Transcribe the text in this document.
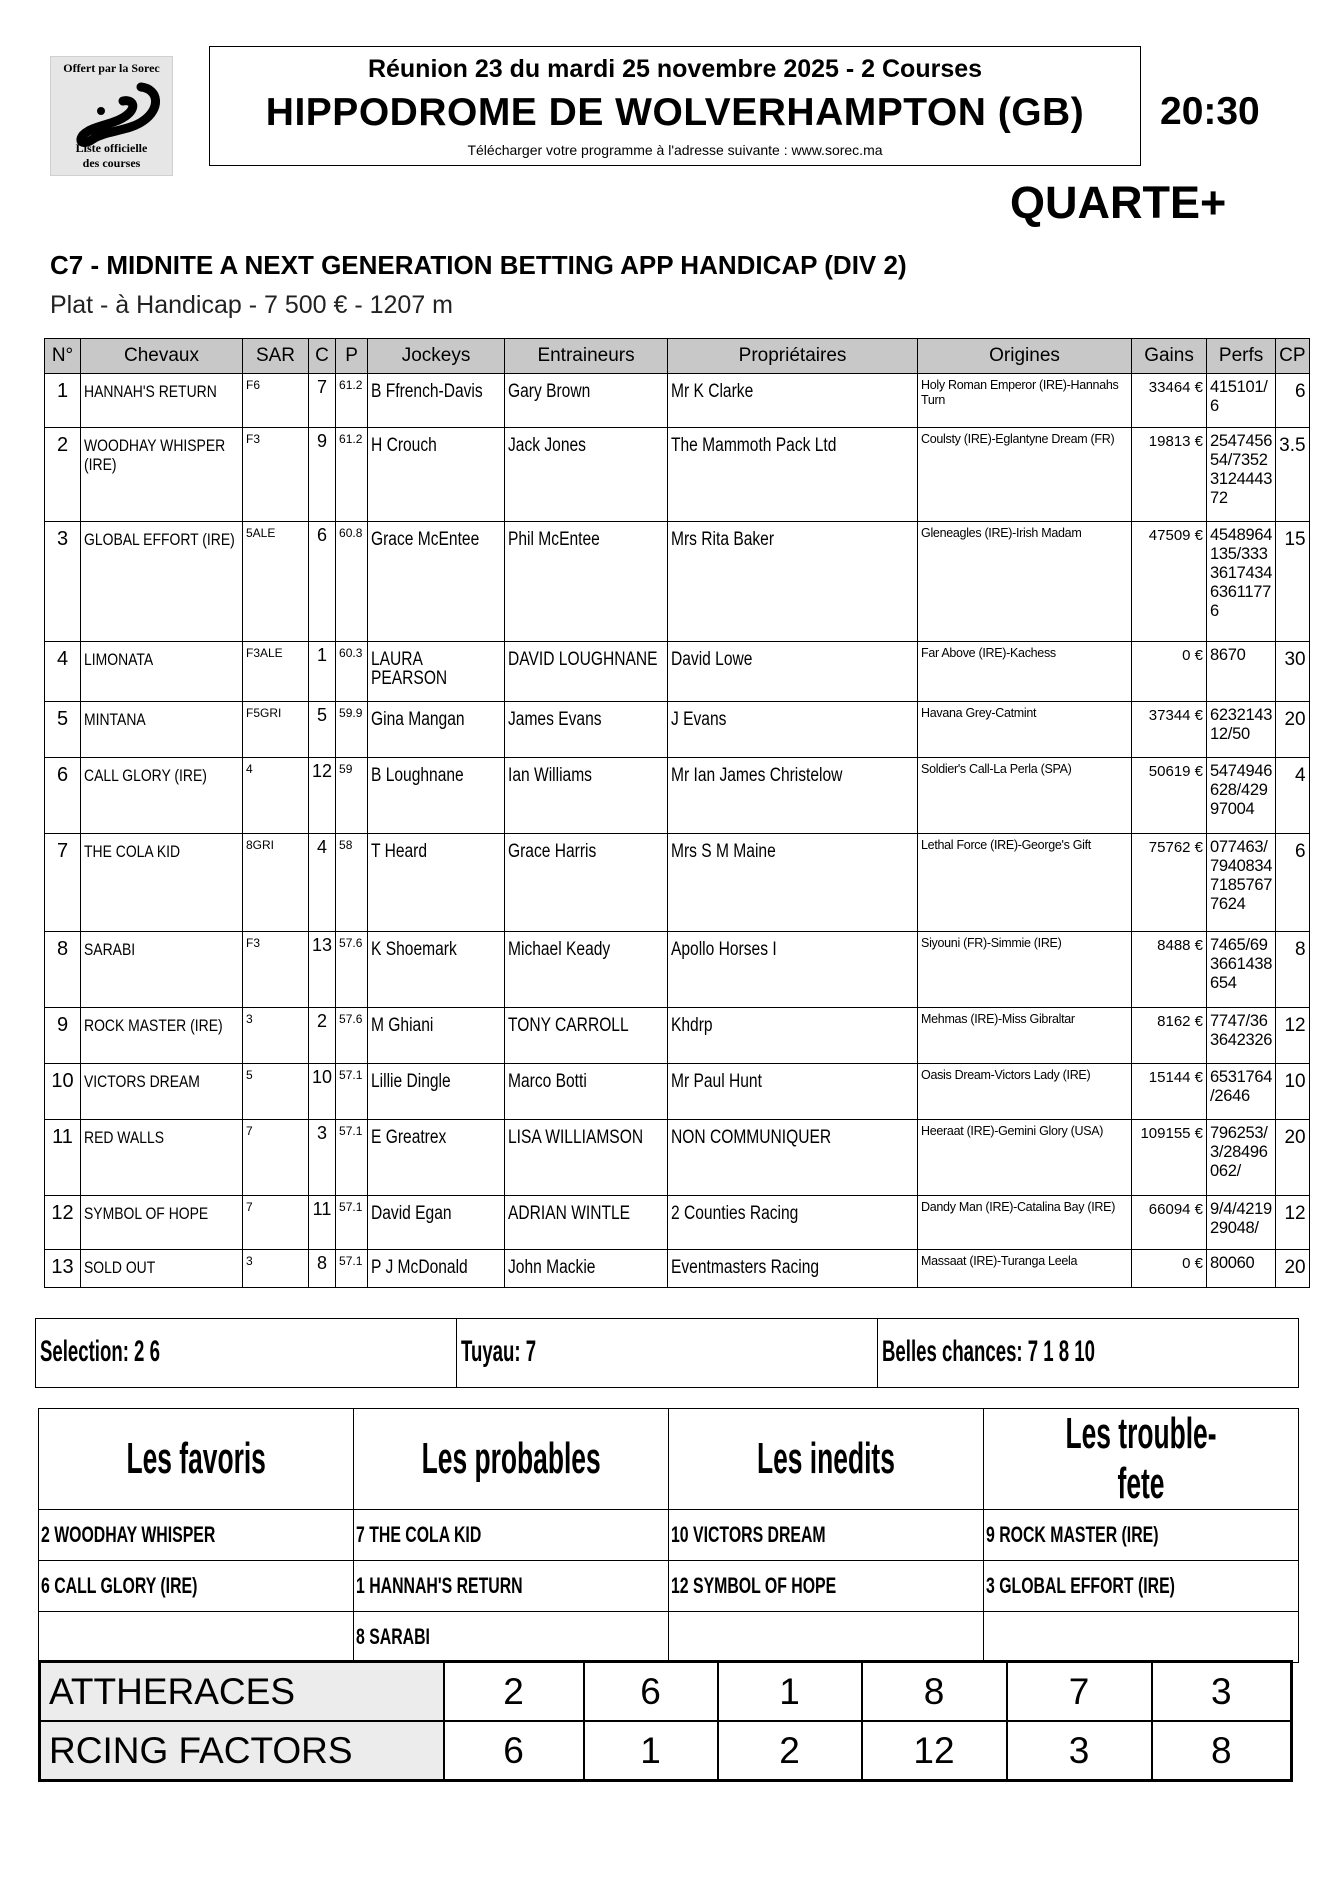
Offert par la Sorec
Liste officielle
des courses
Réunion 23 du mardi 25 novembre 2025 - 2 Courses
HIPPODROME DE WOLVERHAMPTON (GB)
Télécharger votre programme à l'adresse suivante : www.sorec.ma
20:30
QUARTE+
C7 - MIDNITE A NEXT GENERATION BETTING APP HANDICAP (DIV 2)
Plat - à Handicap - 7 500 € - 1207 m
N°	Chevaux	SAR	C	P	Jockeys	Entraineurs	Propriétaires	Origines	Gains	Perfs	CP
1	HANNAH'S RETURN	F6	7	61.2	B Ffrench-Davis	Gary Brown	Mr K Clarke	Holy Roman Emperor (IRE)-Hannahs Turn	33464 €	415101/ 6	6
2	WOODHAY WHISPER (IRE)	F3	9	61.2	H Crouch	Jack Jones	The Mammoth Pack Ltd	Coulsty (IRE)-Eglantyne Dream (FR)	19813 €	2547456 54/7352 3124443 72	3.5
3	GLOBAL EFFORT (IRE)	5ALE	6	60.8	Grace McEntee	Phil McEntee	Mrs Rita Baker	Gleneagles (IRE)-Irish Madam	47509 €	4548964 135/333 3617434 6361177 6	15
4	LIMONATA	F3ALE	1	60.3	LAURA PEARSON	DAVID LOUGHNANE	David Lowe	Far Above (IRE)-Kachess	0 €	8670	30
5	MINTANA	F5GRI	5	59.9	Gina Mangan	James Evans	J Evans	Havana Grey-Catmint	37344 €	6232143 12/50	20
6	CALL GLORY (IRE)	4	12	59	B Loughnane	Ian Williams	Mr Ian James Christelow	Soldier's Call-La Perla (SPA)	50619 €	5474946 628/429 97004	4
7	THE COLA KID	8GRI	4	58	T Heard	Grace Harris	Mrs S M Maine	Lethal Force (IRE)-George's Gift	75762 €	077463/ 7940834 7185767 7624	6
8	SARABI	F3	13	57.6	K Shoemark	Michael Keady	Apollo Horses I	Siyouni (FR)-Simmie (IRE)	8488 €	7465/69 3661438 654	8
9	ROCK MASTER (IRE)	3	2	57.6	M Ghiani	TONY CARROLL	Khdrp	Mehmas (IRE)-Miss Gibraltar	8162 €	7747/36 3642326	12
10	VICTORS DREAM	5	10	57.1	Lillie Dingle	Marco Botti	Mr Paul Hunt	Oasis Dream-Victors Lady (IRE)	15144 €	6531764 /2646	10
11	RED WALLS	7	3	57.1	E Greatrex	LISA WILLIAMSON	NON COMMUNIQUER	Heeraat (IRE)-Gemini Glory (USA)	109155 €	796253/ 3/28496 062/	20
12	SYMBOL OF HOPE	7	11	57.1	David Egan	ADRIAN WINTLE	2 Counties Racing	Dandy Man (IRE)-Catalina Bay (IRE)	66094 €	9/4/4219 29048/	12
13	SOLD OUT	3	8	57.1	P J McDonald	John Mackie	Eventmasters Racing	Massaat (IRE)-Turanga Leela	0 €	80060	20
Selection: 2 6	Tuyau: 7	Belles chances: 7 1 8 10
Les favoris	Les probables	Les inedits	Les trouble-fete
2 WOODHAY WHISPER	7 THE COLA KID	10 VICTORS DREAM	9 ROCK MASTER (IRE)
6 CALL GLORY (IRE)	1 HANNAH'S RETURN	12 SYMBOL OF HOPE	3 GLOBAL EFFORT (IRE)
	8 SARABI		
ATTHERACES	2	6	1	8	7	3
RCING FACTORS	6	1	2	12	3	8
